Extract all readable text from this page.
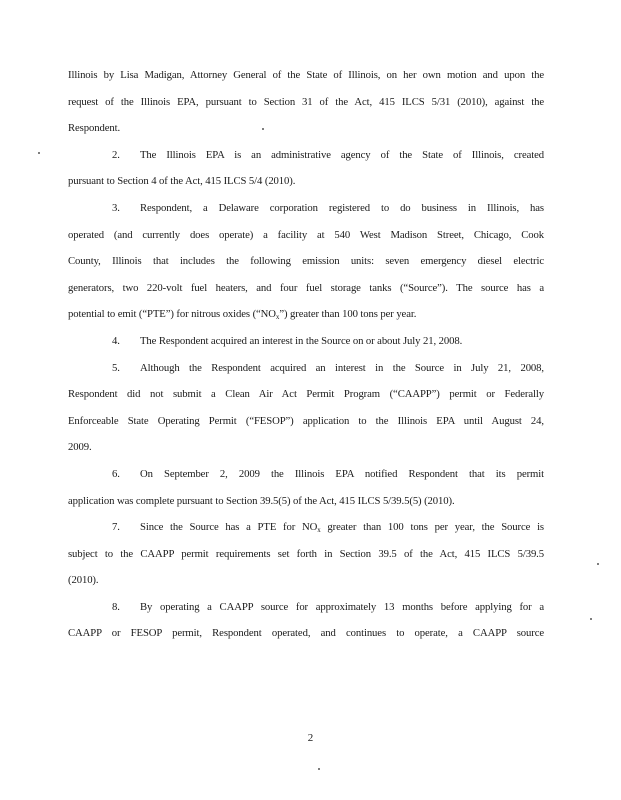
Illinois by Lisa Madigan, Attorney General of the State of Illinois, on her own motion and upon the
request of the Illinois EPA, pursuant to Section 31 of the Act, 415 ILCS 5/31 (2010), against the
Respondent.
2. The Illinois EPA is an administrative agency of the State of Illinois, created
pursuant to Section 4 of the Act, 415 ILCS 5/4 (2010).
3. Respondent, a Delaware corporation registered to do business in Illinois, has
operated (and currently does operate) a facility at 540 West Madison Street, Chicago, Cook
County, Illinois that includes the following emission units: seven emergency diesel electric
generators, two 220-volt fuel heaters, and four fuel storage tanks (“Source”). The source has a
potential to emit (“PTE”) for nitrous oxides $(“NO_x”)$ greater than 100 tons per year.
4. The Respondent acquired an interest in the Source on or about July 21, 2008.
5. Although the Respondent acquired an interest in the Source in July 21, 2008,
Respondent did not submit a Clean Air Act Permit Program (“CAAPP”) permit or Federally
Enforceable State Operating Permit (“FESOP”) application to the Illinois EPA until August 24,
2009.
6. On September 2, 2009 the Illinois EPA notified Respondent that its permit
application was complete pursuant to Section 39.5(5) of the Act, 415 ILCS 5/39.5(5) (2010).
7. Since the Source has a PTE for $NO_x$ greater than 100 tons per year, the Source is
subject to the CAAPP permit requirements set forth in Section 39.5 of the Act, 415 ILCS 5/39.5
(2010).
8. By operating a CAAPP source for approximately 13 months before applying for a
CAAPP or FESOP permit, Respondent operated, and continues to operate, a CAAPP source
2
